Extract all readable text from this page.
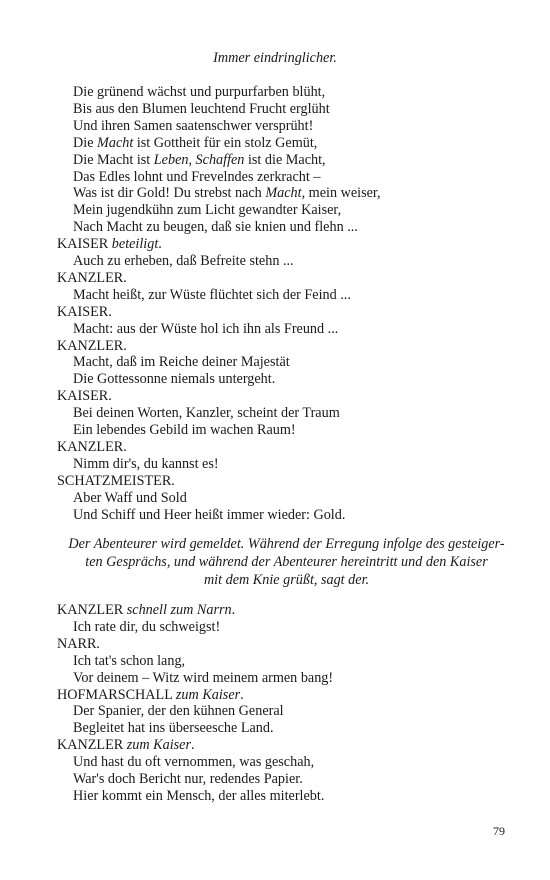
Immer eindringlicher.
Die grünend wächst und purpurfarben blüht,
Bis aus den Blumen leuchtend Frucht erglüht
Und ihren Samen saatenschwer versprüht!
Die Macht ist Gottheit für ein stolz Gemüt,
Die Macht ist Leben, Schaffen ist die Macht,
Das Edles lohnt und Frevelndes zerkracht –
Was ist dir Gold! Du strebst nach Macht, mein weiser,
Mein jugendkühn zum Licht gewandter Kaiser,
Nach Macht zu beugen, daß sie knien und flehn ...
KAISER beteiligt.
Auch zu erheben, daß Befreite stehn ...
KANZLER.
Macht heißt, zur Wüste flüchtet sich der Feind ...
KAISER.
Macht: aus der Wüste hol ich ihn als Freund ...
KANZLER.
Macht, daß im Reiche deiner Majestät
Die Gottessonne niemals untergeht.
KAISER.
Bei deinen Worten, Kanzler, scheint der Traum
Ein lebendes Gebild im wachen Raum!
KANZLER.
Nimm dir's, du kannst es!
SCHATZMEISTER.
Aber Waff und Sold
Und Schiff und Heer heißt immer wieder: Gold.
Der Abenteurer wird gemeldet. Während der Erregung infolge des gesteiger-
ten Gesprächs, und während der Abenteurer hereintritt und den Kaiser
mit dem Knie grüßt, sagt der.
KANZLER schnell zum Narrn.
Ich rate dir, du schweigst!
NARR.
Ich tat's schon lang,
Vor deinem – Witz wird meinem armen bang!
HOFMARSCHALL zum Kaiser.
Der Spanier, der den kühnen General
Begleitet hat ins überseesche Land.
KANZLER zum Kaiser.
Und hast du oft vernommen, was geschah,
War's doch Bericht nur, redendes Papier.
Hier kommt ein Mensch, der alles miterlebt.
79
